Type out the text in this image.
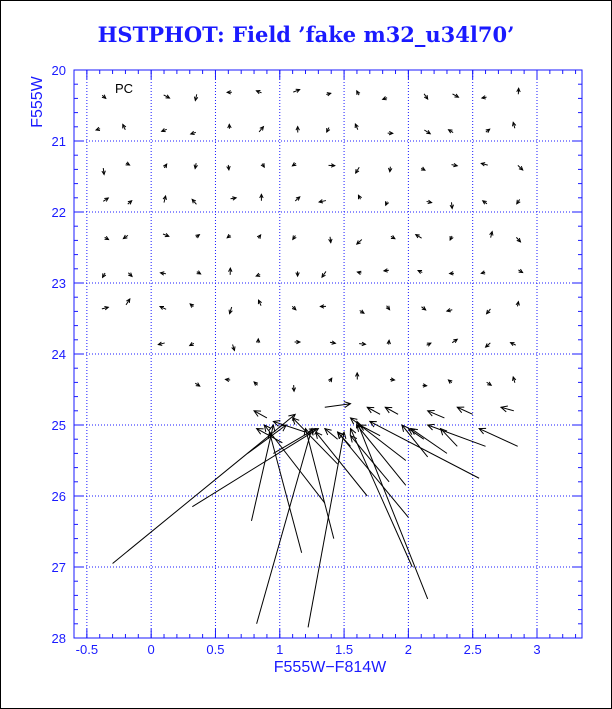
HSTPHOT: Field ’fake m32_u34l70’
-0.5	0	0.5	1	1.5	2	2.5	3
20
21
22
23
24
25
26
27
28
PC
F555W−F814W
F555W
